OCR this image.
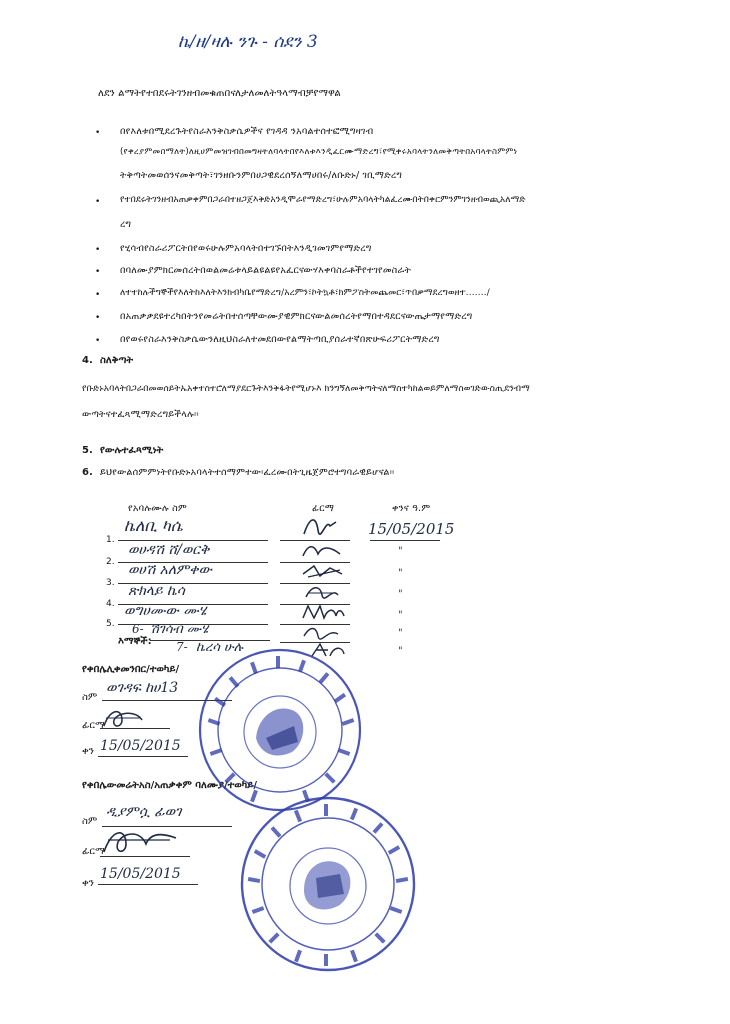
ኬ/ዘ/ዛሉ ንጉ - ሰደን 3
ለደን ልማትየተበደሩትገንዘብመቁጠበናለታለመለትዓላማብቻየማዋል
• በየእለቱበሚደረጉትየስራእንቅስቃሴዎችና የገዳዳ ንአባልተሰተፎሚግዛገብ
(የቀረያምመበማለት)ለዚሀምመዝገብበመግዛትለባላትበየእለቱእንዲፈርሙማድረግ፣የሚቀሩአባላትንለመቅጣትበአባላትስምምነ
ትቅጣትመወሰንናመቅጣት፣ገንዘቡንምበሀጋዊደረሰኝለማሀበሩ/ለቡድኑ/ ገቢማድረግ
• የተበደሩትገንዘብአጠቃቀምበጋራበተዘጋጀእቅድአንዲሞራየማድረግ፣ሁሉምአባላትካልፈረሙበትበቀርምንምገንዘብወጪአለማድ
ረግ
• የሂሳብየስራሪፖርትበየወሩሁሉምአባላትበተገኙበትእንዲገመገምየማድረግ
• በባለሙያምክርመሰረትበወልመሬቱላይልዩልዩየአፈርናውሃእቀባስራቶችየተገየመስራት
• ለተተከሉችግኞችየእለትከእለትእንክብካቤየማድረግ/አረምን፣ኮትኳቶ፣ክምፖስትመጨመር፣ጥበቃማደረግወዘተ......./
• በአጠቃቃደዩተረካበትንየመሬትበተሰጣቸውሙያዊምክርናውልመሰረትየማበተዳደርናውጤታማየማድረግ
• በየወሩየስራእንቅስቃሴውንለዚህስራለተመደበውየልማትጣቢያሰራተኛበጽሁፍሪፖርትማድረግ
4. ስለቅጣት
የቡድኑአባላትበጋራበመወሰይትኡአቀተስተሮለማያደርጉትእንቅፋትየሚሆኑእ ክንግኝለመቅጣትናለማስተካከልወይምለማስወገድውስጢደንብማ
ውጣትናተፈጻሚማድረግይችላሉ፡፡
5. የውሉተፈጻሚነት
6. ይህየውልሰምምነትየቡድኑአባላትተሰማምተው፡ፈረሙበትጊዜጀምሮተግባራዊይሆናል፡፡
የአባሉሙሉ ስም	ፊርማ	ቀንና ዓ.ም
1.
ኬለቢ ካሴ	15/05/2015
2.
ወሀዳሽ ሸ/ወርቅ	"
3.
ወሀሽ አለምቀው	"
4.
ጽክላይ ኬሳ	"
5.
ወግሀሙው ሙሄ	"
እማኞች:
6- ሽገሳብ ሙሄ	"
7- ኬረሳ ሁሉ	"
የቀበሌሊቀመንበር/ተወካይ/
ስም
ወገዳፍ ከሀ13
ፊርማ
ቀን 15/05/2015
የቀበሌውመሬትአስ/አጠቃቀም ባለሙያ/ተወካይ/
ስም
ዲያምሷ ፊወገ
ፊርማ
ቀን
15/05/2015
